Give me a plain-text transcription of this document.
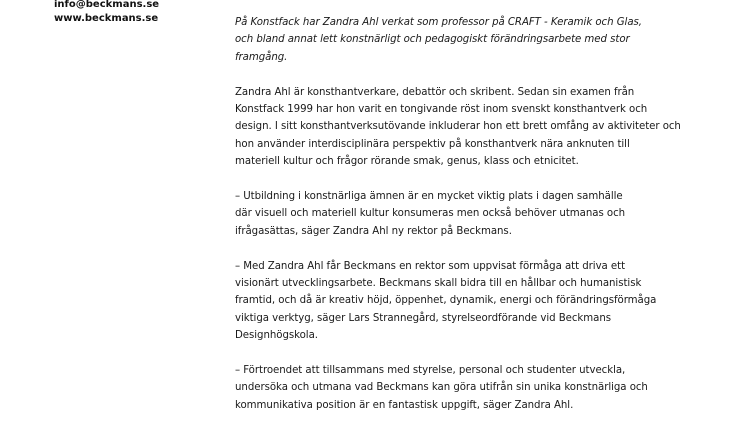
info@beckmans.se
www.beckmans.se
	På Konstfack har Zandra Ahl verkat som professor på CRAFT - Keramik och Glas,
och bland annat lett konstnärligt och pedagogiskt förändringsarbete med stor
framgång.

Zandra Ahl är konsthantverkare, debattör och skribent. Sedan sin examen från
Konstfack 1999 har hon varit en tongivande röst inom svenskt konsthantverk och
design. I sitt konsthantverksutövande inkluderar hon ett brett omfång av aktiviteter och
hon använder interdisciplinära perspektiv på konsthantverk nära anknuten till
materiell kultur och frågor rörande smak, genus, klass och etnicitet.

– Utbildning i konstnärliga ämnen är en mycket viktig plats i dagen samhälle
där visuell och materiell kultur konsumeras men också behöver utmanas och
ifrågasättas, säger Zandra Ahl ny rektor på Beckmans.

– Med Zandra Ahl får Beckmans en rektor som uppvisat förmåga att driva ett
visionärt utvecklingsarbete. Beckmans skall bidra till en hållbar och humanistisk
framtid, och då är kreativ höjd, öppenhet, dynamik, energi och förändringsförmåga
viktiga verktyg, säger Lars Strannegård, styrelseordförande vid Beckmans
Designhögskola.

– Förtroendet att tillsammans med styrelse, personal och studenter utveckla,
undersöka och utmana vad Beckmans kan göra utifrån sin unika konstnärliga och
kommunikativa position är en fantastisk uppgift, säger Zandra Ahl.
